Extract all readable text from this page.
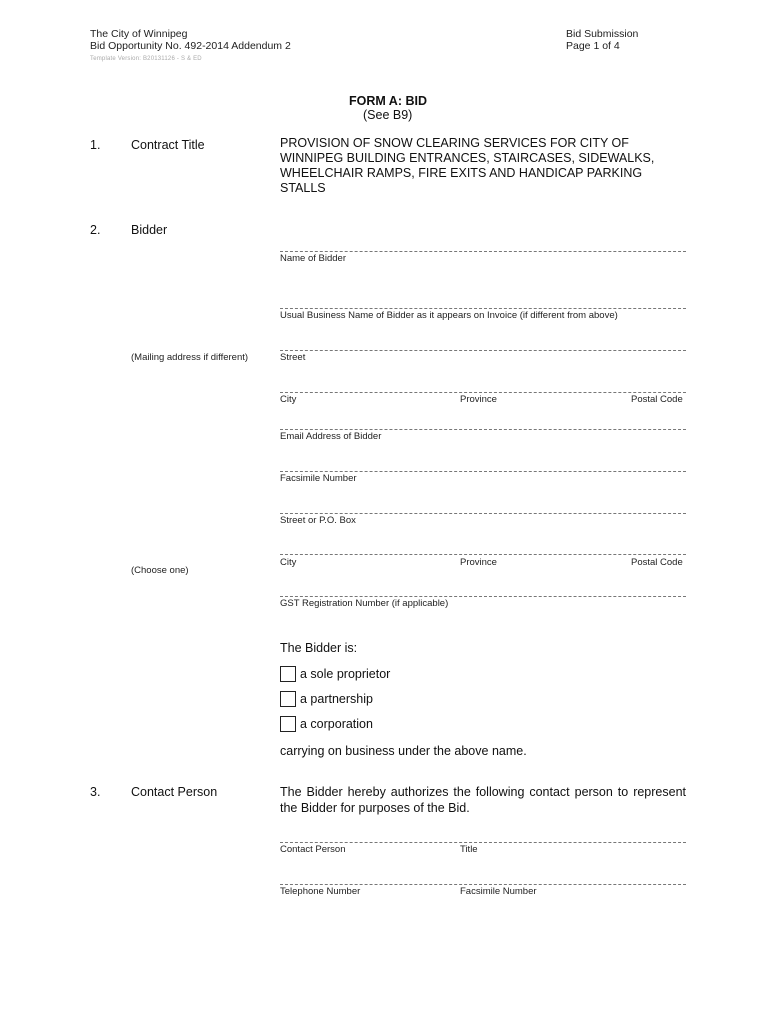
The City of Winnipeg
Bid Opportunity No. 492-2014 Addendum 2
Template Version: B20131126 - S & ED
Bid Submission
Page 1 of 4
FORM A: BID
(See B9)
1. Contract Title	PROVISION OF SNOW CLEARING SERVICES FOR CITY OF WINNIPEG BUILDING ENTRANCES, STAIRCASES, SIDEWALKS, WHEELCHAIR RAMPS, FIRE EXITS AND HANDICAP PARKING STALLS
2. Bidder
Name of Bidder
Usual Business Name of Bidder as it appears on Invoice (if different from above)
(Mailing address if different)	Street
City	Province	Postal Code
Email Address of Bidder
Facsimile Number
Street or P.O. Box
City	Province	Postal Code
(Choose one)
GST Registration Number (if applicable)
The Bidder is:
a sole proprietor
a partnership
a corporation
carrying on business under the above name.
3. Contact Person	The Bidder hereby authorizes the following contact person to represent the Bidder for purposes of the Bid.
Contact Person	Title
Telephone Number	Facsimile Number
